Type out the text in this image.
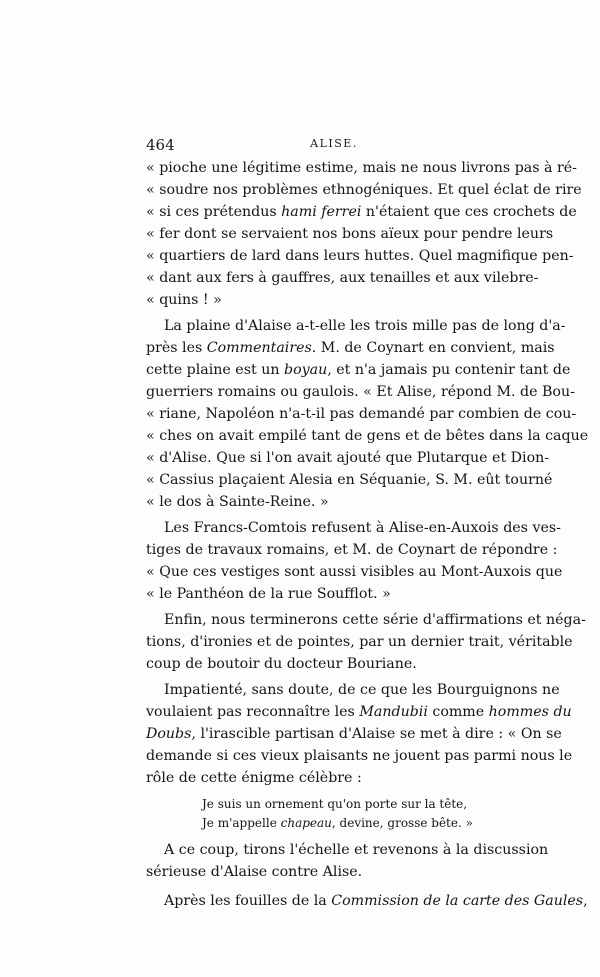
464	ALISE.

« pioche une légitime estime, mais ne nous livrons pas à ré-
« soudre nos problèmes ethnogéniques. Et quel éclat de rire
« si ces prétendus hami ferrei n'étaient que ces crochets de
« fer dont se servaient nos bons aïeux pour pendre leurs
« quartiers de lard dans leurs huttes. Quel magnifique pen-
« dant aux fers à gauffres, aux tenailles et aux vilebre-
« quins ! »

La plaine d'Alaise a-t-elle les trois mille pas de long d'a-
près les Commentaires. M. de Coynart en convient, mais
cette plaine est un boyau, et n'a jamais pu contenir tant de
guerriers romains ou gaulois. « Et Alise, répond M. de Bou-
« riane, Napoléon n'a-t-il pas demandé par combien de cou-
« ches on avait empilé tant de gens et de bêtes dans la caque
« d'Alise. Que si l'on avait ajouté que Plutarque et Dion-
« Cassius plaçaient Alesia en Séquanie, S. M. eût tourné
« le dos à Sainte-Reine. »

Les Francs-Comtois refusent à Alise-en-Auxois des ves-
tiges de travaux romains, et M. de Coynart de répondre :
« Que ces vestiges sont aussi visibles au Mont-Auxois que
« le Panthéon de la rue Soufflot. »

Enfin, nous terminerons cette série d'affirmations et néga-
tions, d'ironies et de pointes, par un dernier trait, véritable
coup de boutoir du docteur Bouriane.

Impatienté, sans doute, de ce que les Bourguignons ne
voulaient pas reconnaître les Mandubii comme hommes du
Doubs, l'irascible partisan d'Alaise se met à dire : « On se
demande si ces vieux plaisants ne jouent pas parmi nous le
rôle de cette énigme célèbre :

Je suis un ornement qu'on porte sur la tête,
Je m'appelle chapeau, devine, grosse bête. »

A ce coup, tirons l'échelle et revenons à la discussion
sérieuse d'Alaise contre Alise.

Après les fouilles de la Commission de la carte des Gaules,
